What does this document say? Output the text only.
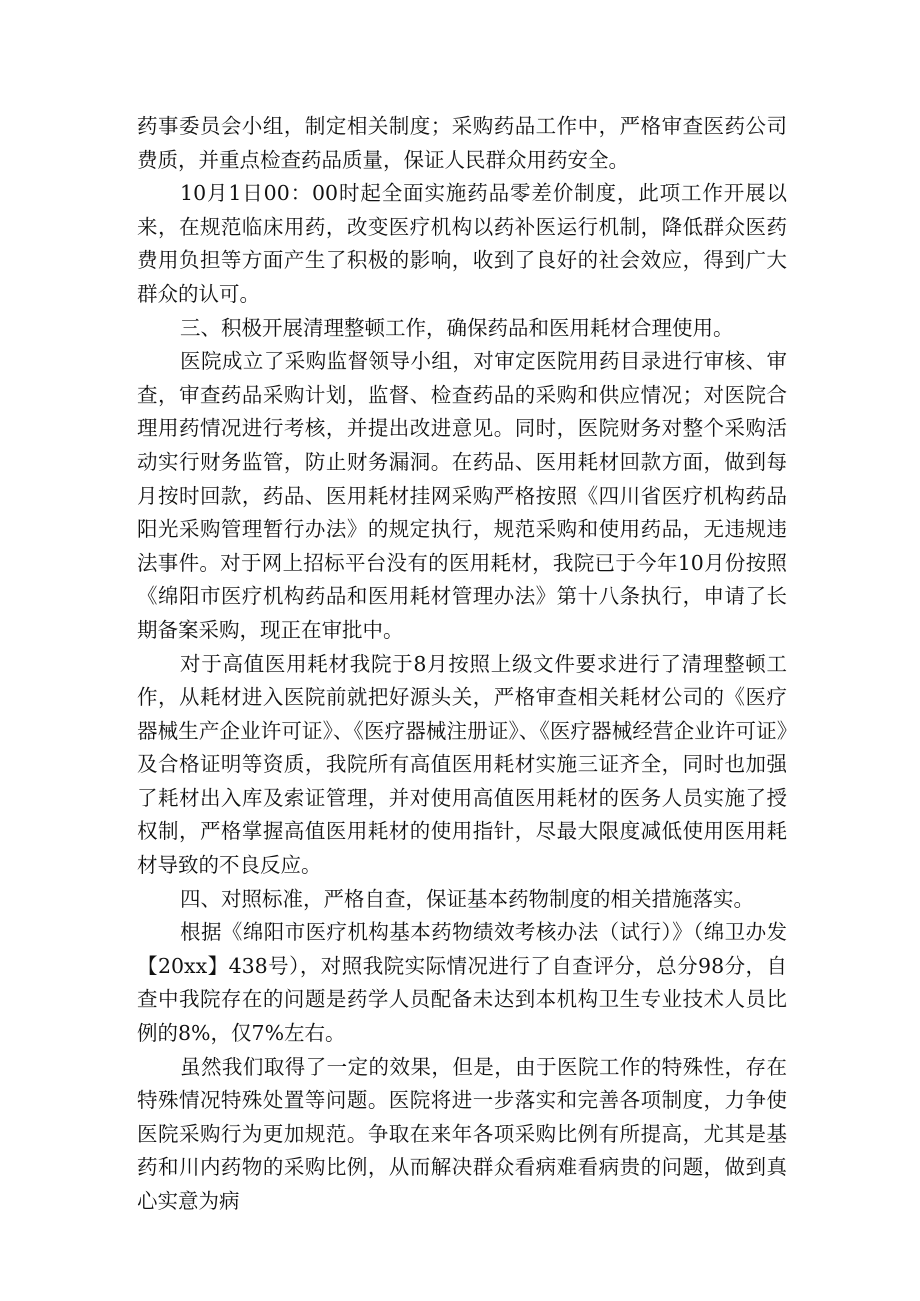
药事委员会小组，制定相关制度；采购药品工作中，严格审查医药公司费质，并重点检查药品质量，保证人民群众用药安全。

10月1日00：00时起全面实施药品零差价制度，此项工作开展以来，在规范临床用药，改变医疗机构以药补医运行机制，降低群众医药费用负担等方面产生了积极的影响，收到了良好的社会效应，得到广大群众的认可。

三、积极开展清理整顿工作，确保药品和医用耗材合理使用。

医院成立了采购监督领导小组，对审定医院用药目录进行审核、审查，审查药品采购计划，监督、检查药品的采购和供应情况；对医院合理用药情况进行考核，并提出改进意见。同时，医院财务对整个采购活动实行财务监管，防止财务漏洞。在药品、医用耗材回款方面，做到每月按时回款，药品、医用耗材挂网采购严格按照《四川省医疗机构药品阳光采购管理暂行办法》的规定执行，规范采购和使用药品，无违规违法事件。对于网上招标平台没有的医用耗材，我院已于今年10月份按照《绵阳市医疗机构药品和医用耗材管理办法》第十八条执行，申请了长期备案采购，现正在审批中。

对于高值医用耗材我院于8月按照上级文件要求进行了清理整顿工作，从耗材进入医院前就把好源头关，严格审查相关耗材公司的《医疗器械生产企业许可证》、《医疗器械注册证》、《医疗器械经营企业许可证》及合格证明等资质，我院所有高值医用耗材实施三证齐全，同时也加强了耗材出入库及索证管理，并对使用高值医用耗材的医务人员实施了授权制，严格掌握高值医用耗材的使用指针，尽最大限度减低使用医用耗材导致的不良反应。

四、对照标准，严格自查，保证基本药物制度的相关措施落实。

根据《绵阳市医疗机构基本药物绩效考核办法（试行）》（绵卫办发【20xx】438号），对照我院实际情况进行了自查评分，总分98分，自查中我院存在的问题是药学人员配备未达到本机构卫生专业技术人员比例的8%，仅7%左右。

虽然我们取得了一定的效果，但是，由于医院工作的特殊性，存在特殊情况特殊处置等问题。医院将进一步落实和完善各项制度，力争使医院采购行为更加规范。争取在来年各项采购比例有所提高，尤其是基药和川内药物的采购比例，从而解决群众看病难看病贵的问题，做到真心实意为病
